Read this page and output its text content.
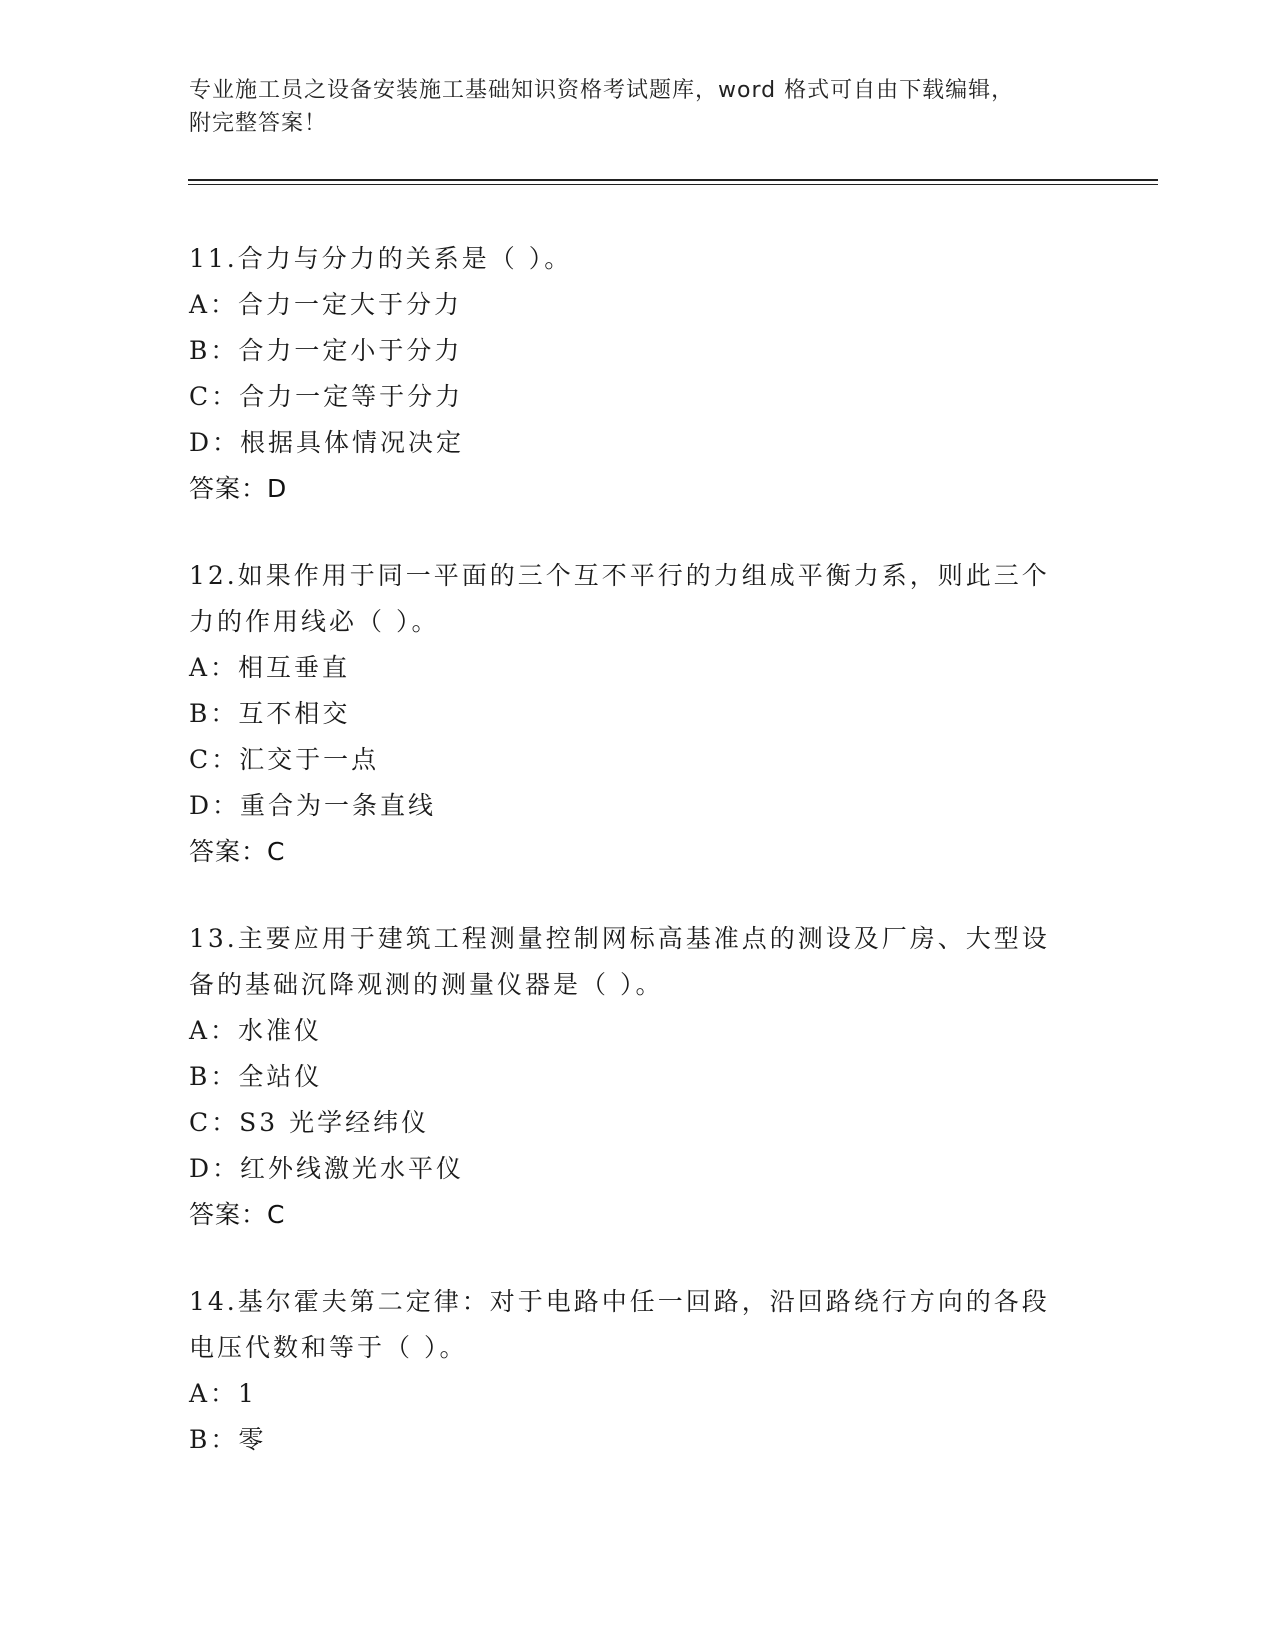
专业施工员之设备安装施工基础知识资格考试题库，word 格式可自由下载编辑，
附完整答案！
11.合力与分力的关系是（ ）。
A：合力一定大于分力
B：合力一定小于分力
C：合力一定等于分力
D：根据具体情况决定
答案：D
12.如果作用于同一平面的三个互不平行的力组成平衡力系，则此三个
力的作用线必（ ）。
A：相互垂直
B：互不相交
C：汇交于一点
D：重合为一条直线
答案：C
13.主要应用于建筑工程测量控制网标高基准点的测设及厂房、大型设
备的基础沉降观测的测量仪器是（ ）。
A：水准仪
B：全站仪
C：S3 光学经纬仪
D：红外线激光水平仪
答案：C
14.基尔霍夫第二定律：对于电路中任一回路，沿回路绕行方向的各段
电压代数和等于（ ）。
A：1
B：零
